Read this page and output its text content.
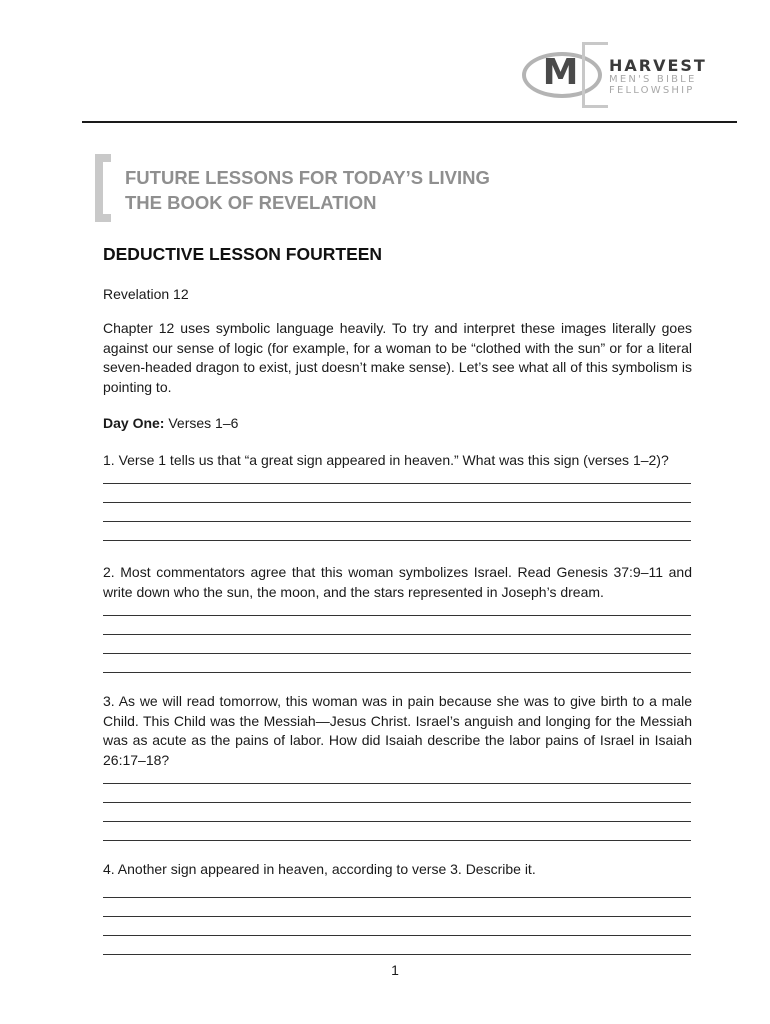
M	HARVEST
MEN'S BIBLE
FELLOWSHIP
FUTURE LESSONS FOR TODAY’S LIVING
THE BOOK OF REVELATION
DEDUCTIVE LESSON FOURTEEN
Revelation 12
Chapter 12 uses symbolic language heavily. To try and interpret these images literally goes against our sense of logic (for example, for a woman to be “clothed with the sun” or for a literal seven-headed dragon to exist, just doesn’t make sense). Let’s see what all of this symbolism is pointing to.
Day One: Verses 1–6
1. Verse 1 tells us that “a great sign appeared in heaven.” What was this sign (verses 1–2)?
2. Most commentators agree that this woman symbolizes Israel. Read Genesis 37:9–11 and write down who the sun, the moon, and the stars represented in Joseph’s dream.
3. As we will read tomorrow, this woman was in pain because she was to give birth to a male Child. This Child was the Messiah—Jesus Christ. Israel’s anguish and longing for the Messiah was as acute as the pains of labor. How did Isaiah describe the labor pains of Israel in Isaiah 26:17–18?
4. Another sign appeared in heaven, according to verse 3. Describe it.
1
